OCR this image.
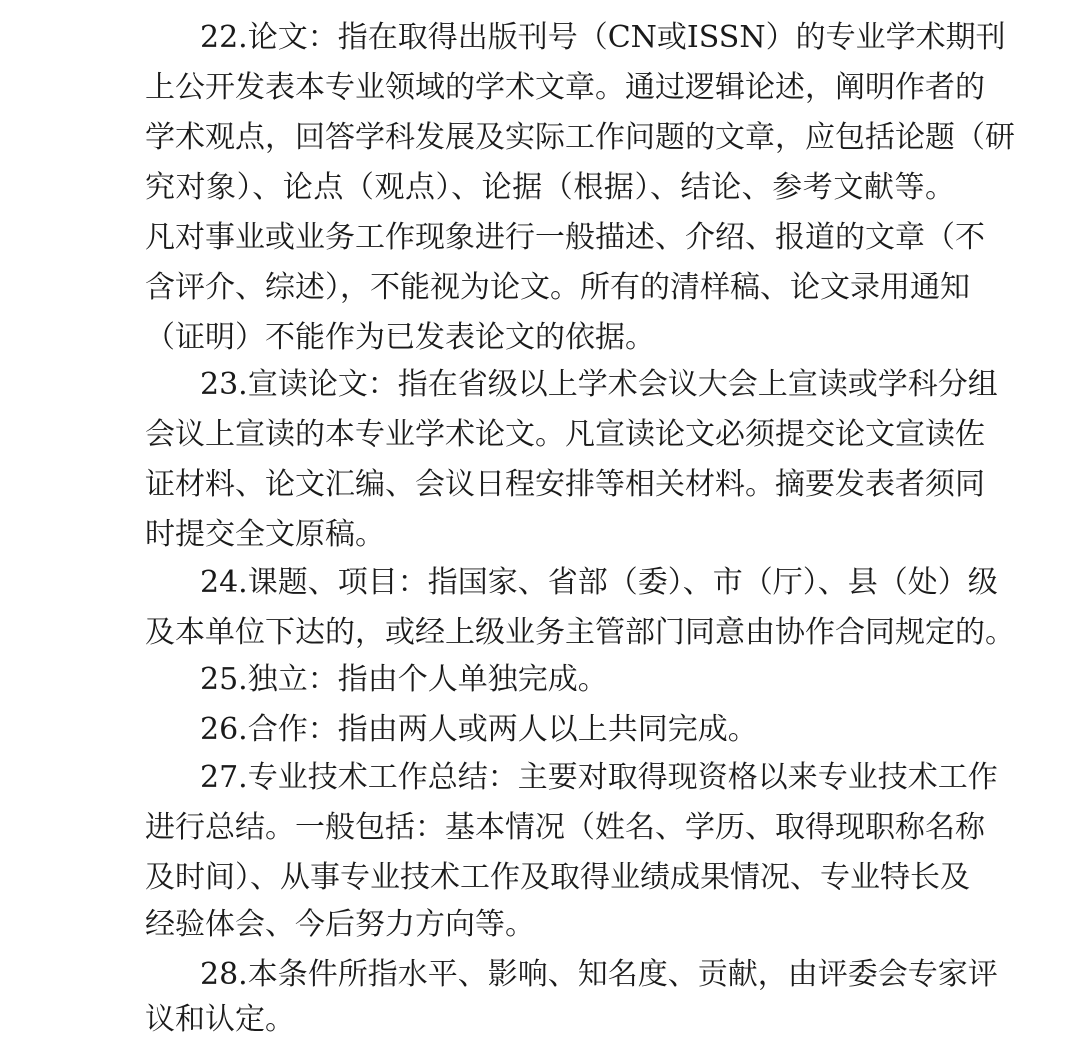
22.论文：指在取得出版刊号（CN或ISSN）的专业学术期刊
上公开发表本专业领域的学术文章。通过逻辑论述，阐明作者的
学术观点，回答学科发展及实际工作问题的文章，应包括论题（研
究对象）、论点（观点）、论据（根据）、结论、参考文献等。
凡对事业或业务工作现象进行一般描述、介绍、报道的文章（不
含评介、综述），不能视为论文。所有的清样稿、论文录用通知
（证明）不能作为已发表论文的依据。
23.宣读论文：指在省级以上学术会议大会上宣读或学科分组
会议上宣读的本专业学术论文。凡宣读论文必须提交论文宣读佐
证材料、论文汇编、会议日程安排等相关材料。摘要发表者须同
时提交全文原稿。
24.课题、项目：指国家、省部（委）、市（厅）、县（处）级
及本单位下达的，或经上级业务主管部门同意由协作合同规定的。
25.独立：指由个人单独完成。
26.合作：指由两人或两人以上共同完成。
27.专业技术工作总结：主要对取得现资格以来专业技术工作
进行总结。一般包括：基本情况（姓名、学历、取得现职称名称
及时间）、从事专业技术工作及取得业绩成果情况、专业特长及
经验体会、今后努力方向等。
28.本条件所指水平、影响、知名度、贡献，由评委会专家评
议和认定。
